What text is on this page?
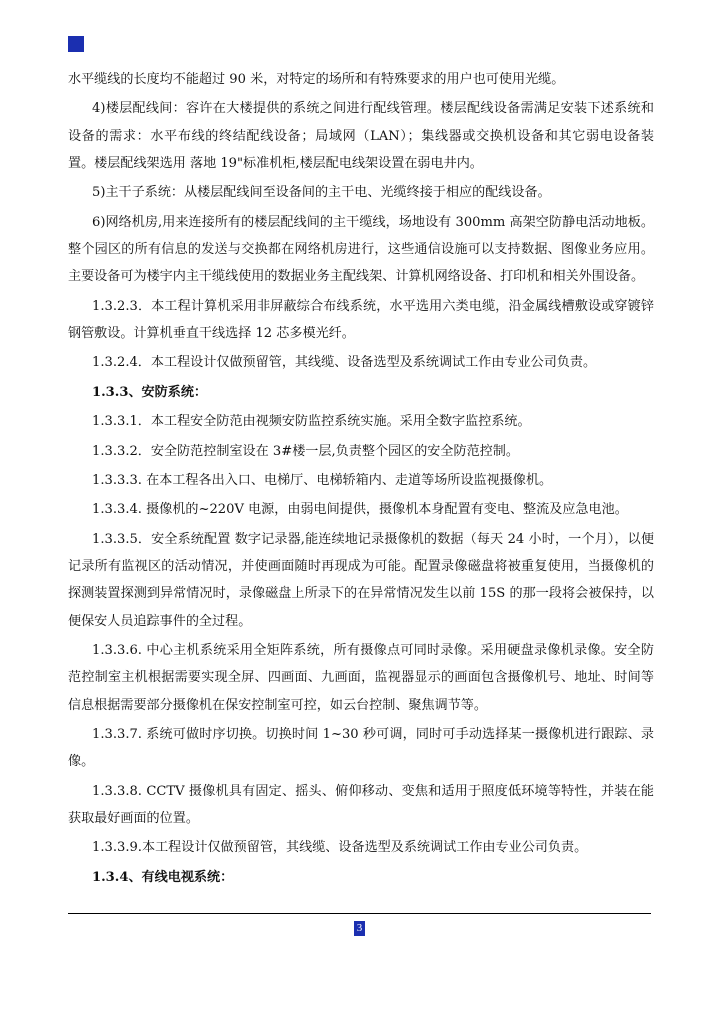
水平缆线的长度均不能超过 90 米，对特定的场所和有特殊要求的用户也可使用光缆。

4)楼层配线间：容许在大楼提供的系统之间进行配线管理。楼层配线设备需满足安装下述系统和设备的需求：水平布线的终结配线设备；局域网（LAN）；集线器或交换机设备和其它弱电设备装置。楼层配线架选用 落地 19"标准机柜,楼层配电线架设置在弱电井内。

5)主干子系统：从楼层配线间至设备间的主干电、光缆终接于相应的配线设备。

6)网络机房,用来连接所有的楼层配线间的主干缆线，场地设有 300mm 高架空防静电活动地板。整个园区的所有信息的发送与交换都在网络机房进行，这些通信设施可以支持数据、图像业务应用。主要设备可为楼宇内主干缆线使用的数据业务主配线架、计算机网络设备、打印机和相关外围设备。

1.3.2.3．本工程计算机采用非屏蔽综合布线系统，水平选用六类电缆，沿金属线槽敷设或穿镀锌钢管敷设。计算机垂直干线选择 12 芯多模光纤。

1.3.2.4．本工程设计仅做预留管，其线缆、设备选型及系统调试工作由专业公司负责。

1.3.3、安防系统：

1.3.3.1．本工程安全防范由视频安防监控系统实施。采用全数字监控系统。

1.3.3.2．安全防范控制室设在 3#楼一层,负责整个园区的安全防范控制。

1.3.3.3. 在本工程各出入口、电梯厅、电梯轿箱内、走道等场所设监视摄像机。

1.3.3.4. 摄像机的~220V 电源，由弱电间提供，摄像机本身配置有变电、整流及应急电池。

1.3.3.5．安全系统配置 数字记录器,能连续地记录摄像机的数据（每天 24 小时，一个月），以便记录所有监视区的活动情况，并使画面随时再现成为可能。配置录像磁盘将被重复使用，当摄像机的探测装置探测到异常情况时，录像磁盘上所录下的在异常情况发生以前 15S 的那一段将会被保持，以便保安人员追踪事件的全过程。

1.3.3.6. 中心主机系统采用全矩阵系统，所有摄像点可同时录像。采用硬盘录像机录像。安全防范控制室主机根据需要实现全屏、四画面、九画面，监视器显示的画面包含摄像机号、地址、时间等信息根据需要部分摄像机在保安控制室可控，如云台控制、聚焦调节等。

1.3.3.7. 系统可做时序切换。切换时间 1~30 秒可调，同时可手动选择某一摄像机进行跟踪、录像。

1.3.3.8. CCTV 摄像机具有固定、摇头、俯仰移动、变焦和适用于照度低环境等特性，并装在能获取最好画面的位置。

1.3.3.9.本工程设计仅做预留管，其线缆、设备选型及系统调试工作由专业公司负责。

1.3.4、有线电视系统：

3
